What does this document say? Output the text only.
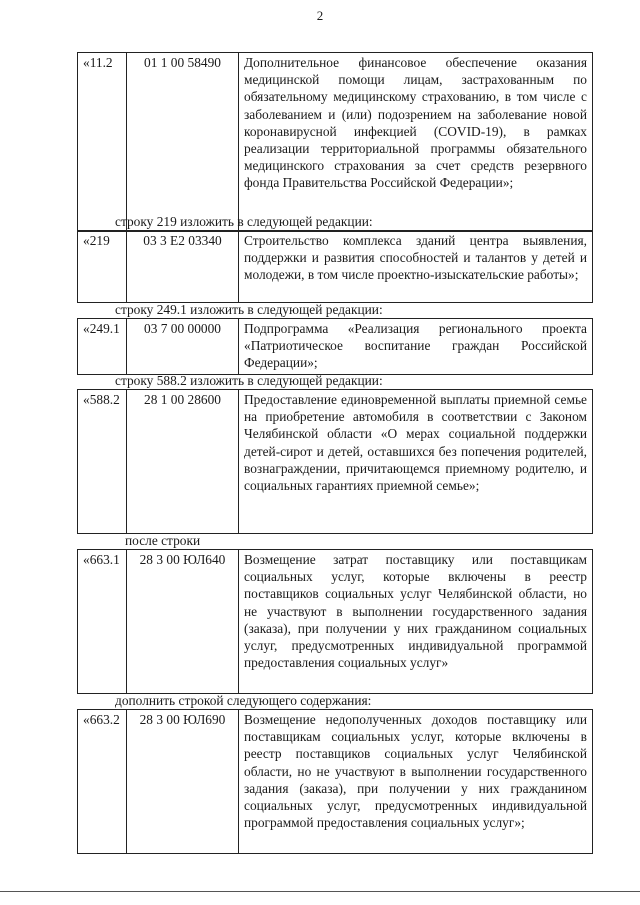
2
«11.2	01 1 00 58490	Дополнительное финансовое обеспечение оказания медицинской помощи лицам, застрахованным по обязательному медицинскому страхованию, в том числе с заболеванием и (или) подозрением на заболевание новой коронавирусной инфекцией (COVID-19), в рамках реализации территориальной программы обязательного медицинского страхования за счет средств резервного фонда Правительства Российской Федерации»;
строку 219 изложить в следующей редакции:
«219	03 3 E2 03340	Строительство комплекса зданий центра выявления, поддержки и развития способностей и талантов у детей и молодежи, в том числе проектно-изыскательские работы»;
строку 249.1 изложить в следующей редакции:
«249.1	03 7 00 00000	Подпрограмма «Реализация регионального проекта «Патриотическое воспитание граждан Российской Федерации»;
строку 588.2 изложить в следующей редакции:
«588.2	28 1 00 28600	Предоставление единовременной выплаты приемной семье на приобретение автомобиля в соответствии с Законом Челябинской области «О мерах социальной поддержки детей-сирот и детей, оставшихся без попечения родителей, вознаграждении, причитающемся приемному родителю, и социальных гарантиях приемной семье»;
после строки
«663.1	28 3 00 ЮЛ640	Возмещение затрат поставщику или поставщикам социальных услуг, которые включены в реестр поставщиков социальных услуг Челябинской области, но не участвуют в выполнении государственного задания (заказа), при получении у них гражданином социальных услуг, предусмотренных индивидуальной программой предоставления социальных услуг»
дополнить строкой следующего содержания:
«663.2	28 3 00 ЮЛ690	Возмещение недополученных доходов поставщику или поставщикам социальных услуг, которые включены в реестр поставщиков социальных услуг Челябинской области, но не участвуют в выполнении государственного задания (заказа), при получении у них гражданином социальных услуг, предусмотренных индивидуальной программой предоставления социальных услуг»;
